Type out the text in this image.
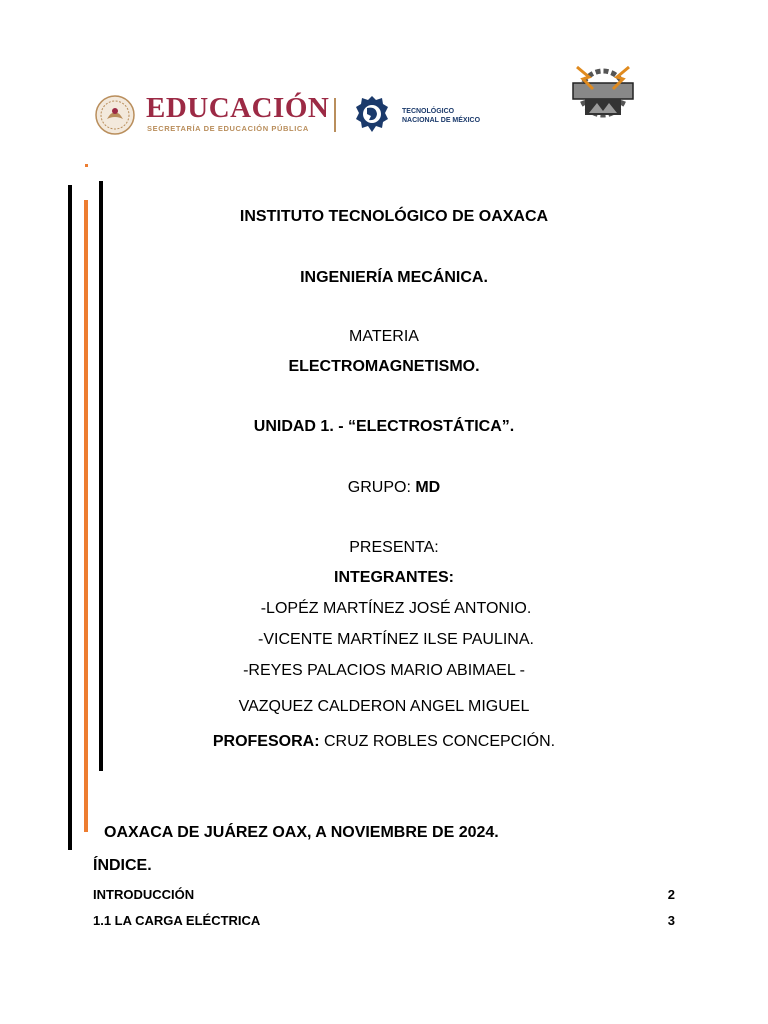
EDUCACIÓN
SECRETARÍA DE EDUCACIÓN PÚBLICA
TECNOLÓGICO
NACIONAL DE MÉXICO
INSTITUTO TECNOLÓGICO DE OAXACA
INGENIERÍA MECÁNICA.
MATERIA
ELECTROMAGNETISMO.
UNIDAD 1. - “ELECTROSTÁTICA”.
GRUPO: MD
PRESENTA:
INTEGRANTES:
-LOPÉZ MARTÍNEZ JOSÉ ANTONIO.
-VICENTE MARTÍNEZ ILSE PAULINA.
-REYES PALACIOS MARIO ABIMAEL -
VAZQUEZ CALDERON ANGEL MIGUEL
PROFESORA: CRUZ ROBLES CONCEPCIÓN.
OAXACA DE JUÁREZ OAX, A NOVIEMBRE DE 2024.
ÍNDICE.
INTRODUCCIÓN	2
1.1 LA CARGA ELÉCTRICA	3
